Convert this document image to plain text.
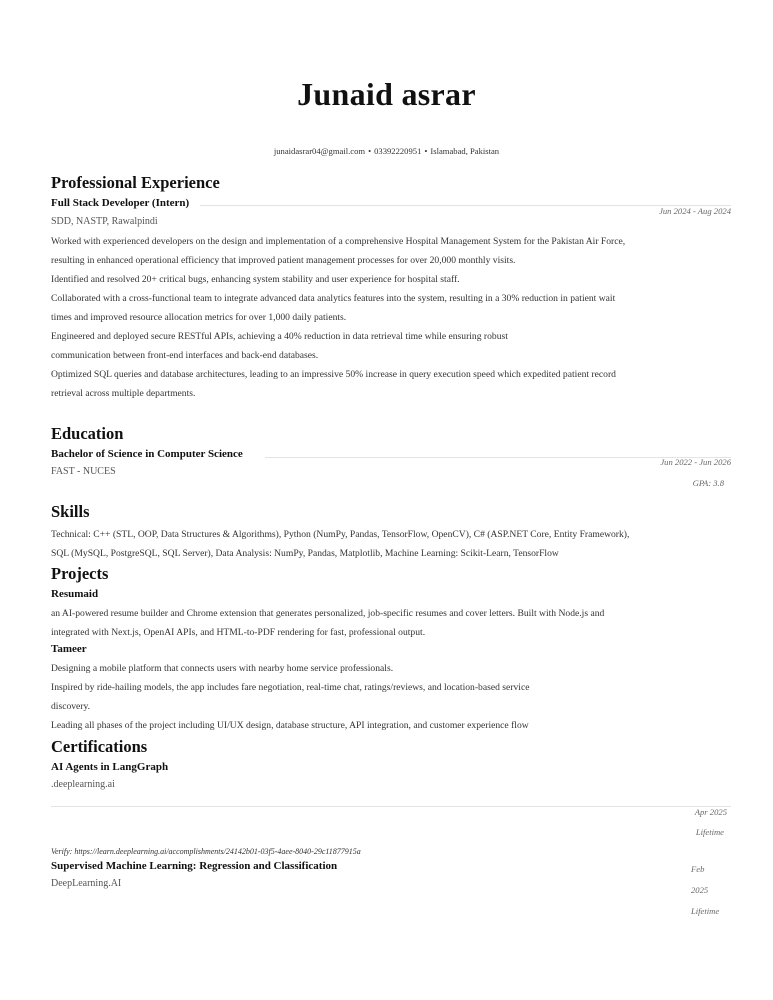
Junaid asrar
junaidasrar04@gmail.com • 03392220951 • Islamabad, Pakistan
Professional Experience
Full Stack Developer (Intern)
Jun 2024 - Aug 2024
SDD, NASTP, Rawalpindi
Worked with experienced developers on the design and implementation of a comprehensive Hospital Management System for the Pakistan Air Force,
resulting in enhanced operational efficiency that improved patient management processes for over 20,000 monthly visits.
Identified and resolved 20+ critical bugs, enhancing system stability and user experience for hospital staff.
Collaborated with a cross-functional team to integrate advanced data analytics features into the system, resulting in a 30% reduction in patient wait
times and improved resource allocation metrics for over 1,000 daily patients.
Engineered and deployed secure RESTful APIs, achieving a 40% reduction in data retrieval time while ensuring robust
communication between front-end interfaces and back-end databases.
Optimized SQL queries and database architectures, leading to an impressive 50% increase in query execution speed which expedited patient record
retrieval across multiple departments.
Education
Bachelor of Science in Computer Science
Jun 2022 - Jun 2026
FAST - NUCES
GPA: 3.8
Skills
Technical: C++ (STL, OOP, Data Structures & Algorithms), Python (NumPy, Pandas, TensorFlow, OpenCV), C# (ASP.NET Core, Entity Framework),
SQL (MySQL, PostgreSQL, SQL Server), Data Analysis: NumPy, Pandas, Matplotlib, Machine Learning: Scikit-Learn, TensorFlow
Projects
Resumaid
an AI-powered resume builder and Chrome extension that generates personalized, job-specific resumes and cover letters. Built with Node.js and
integrated with Next.js, OpenAI APIs, and HTML-to-PDF rendering for fast, professional output.
Tameer
Designing a mobile platform that connects users with nearby home service professionals.
Inspired by ride-hailing models, the app includes fare negotiation, real-time chat, ratings/reviews, and location-based service
discovery.
Leading all phases of the project including UI/UX design, database structure, API integration, and customer experience flow
Certifications
AI Agents in LangGraph
.deeplearning.ai
Apr 2025
Lifetime
Verify: https://learn.deeplearning.ai/accomplishments/24142b01-03f5-4aee-8040-29c118779​15a
Supervised Machine Learning: Regression and Classification
DeepLearning.AI
Feb
2025
Lifetime
